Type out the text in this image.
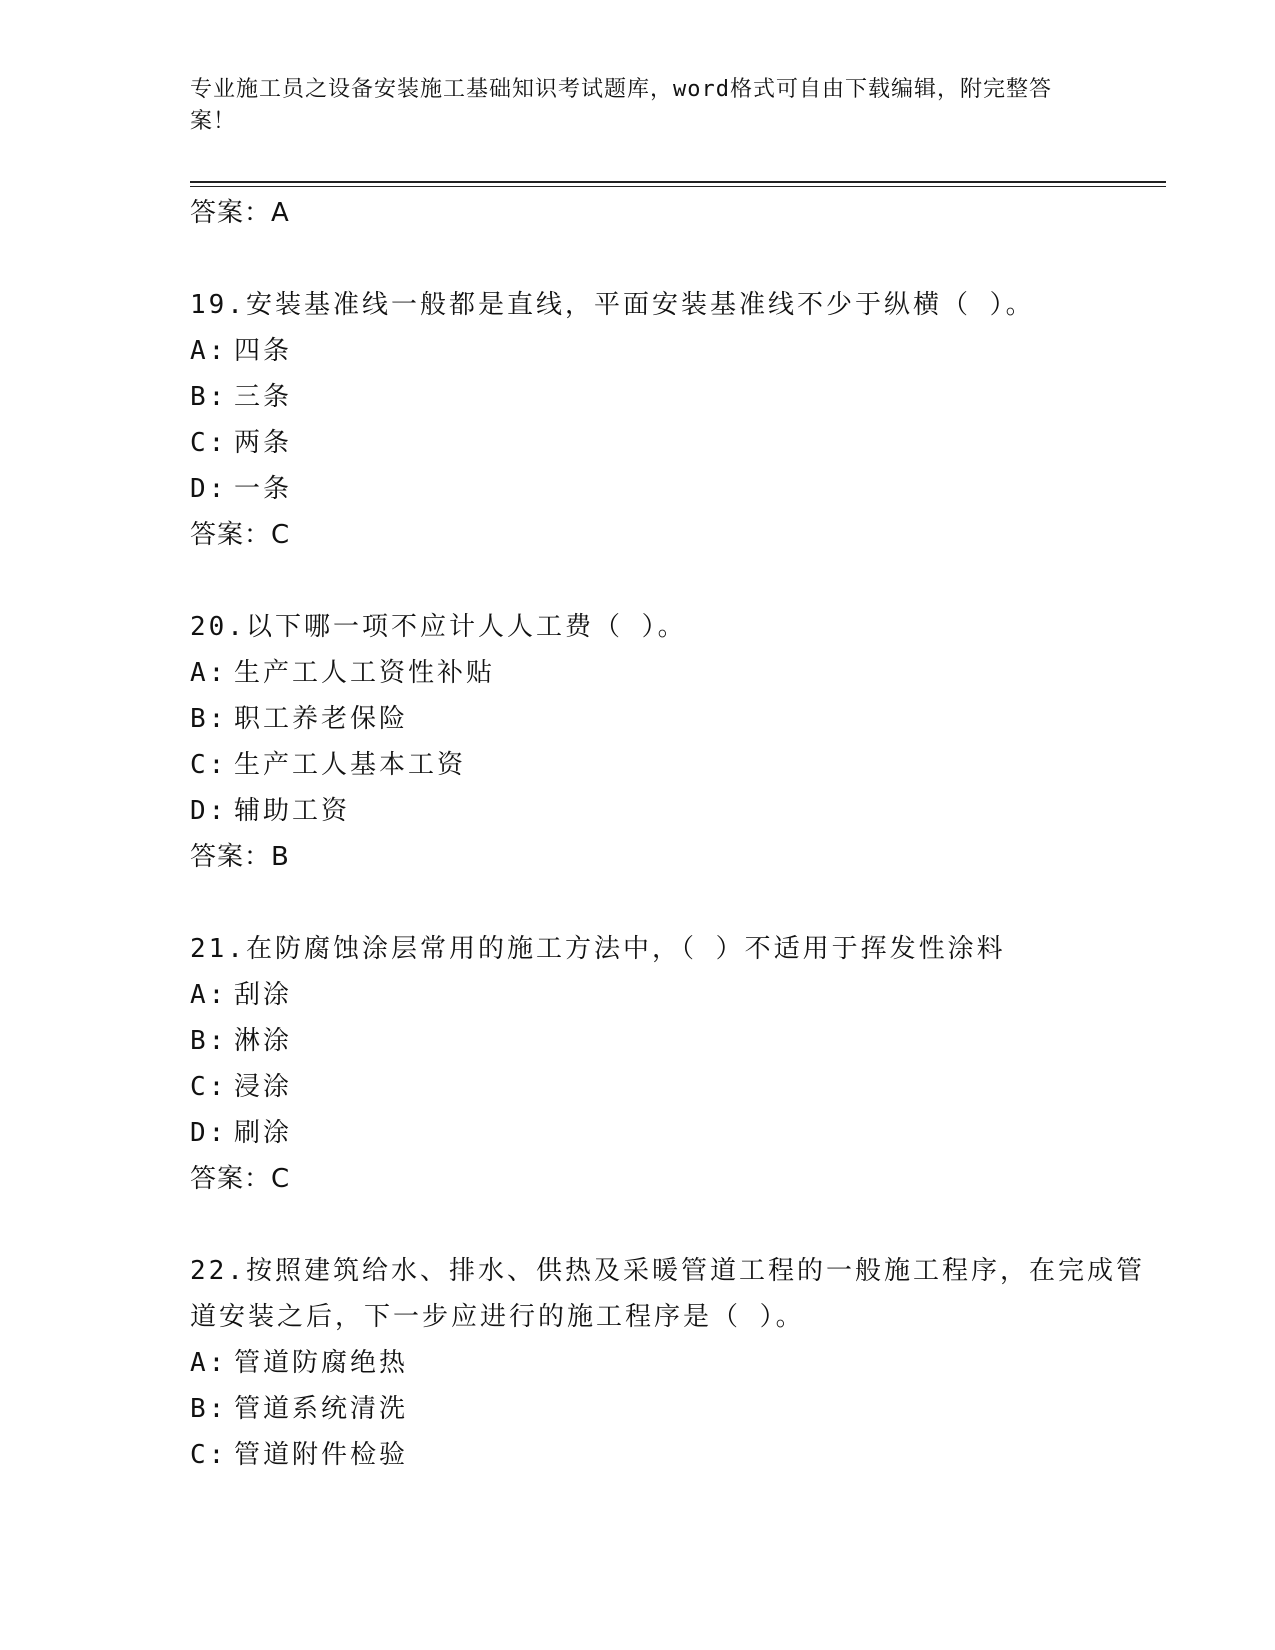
专业施工员之设备安装施工基础知识考试题库，word格式可自由下载编辑，附完整答案！
答案：A
19.安装基准线一般都是直线，平面安装基准线不少于纵横（ ）。
A: 四条
B: 三条
C: 两条
D: 一条
答案：C
20.以下哪一项不应计人人工费（ ）。
A: 生产工人工资性补贴
B: 职工养老保险
C: 生产工人基本工资
D: 辅助工资
答案：B
21.在防腐蚀涂层常用的施工方法中，（ ）不适用于挥发性涂料
A: 刮涂
B: 淋涂
C: 浸涂
D: 刷涂
答案：C
22.按照建筑给水、排水、供热及采暖管道工程的一般施工程序，在完成管道安装之后，下一步应进行的施工程序是（ ）。
A: 管道防腐绝热
B: 管道系统清洗
C: 管道附件检验
